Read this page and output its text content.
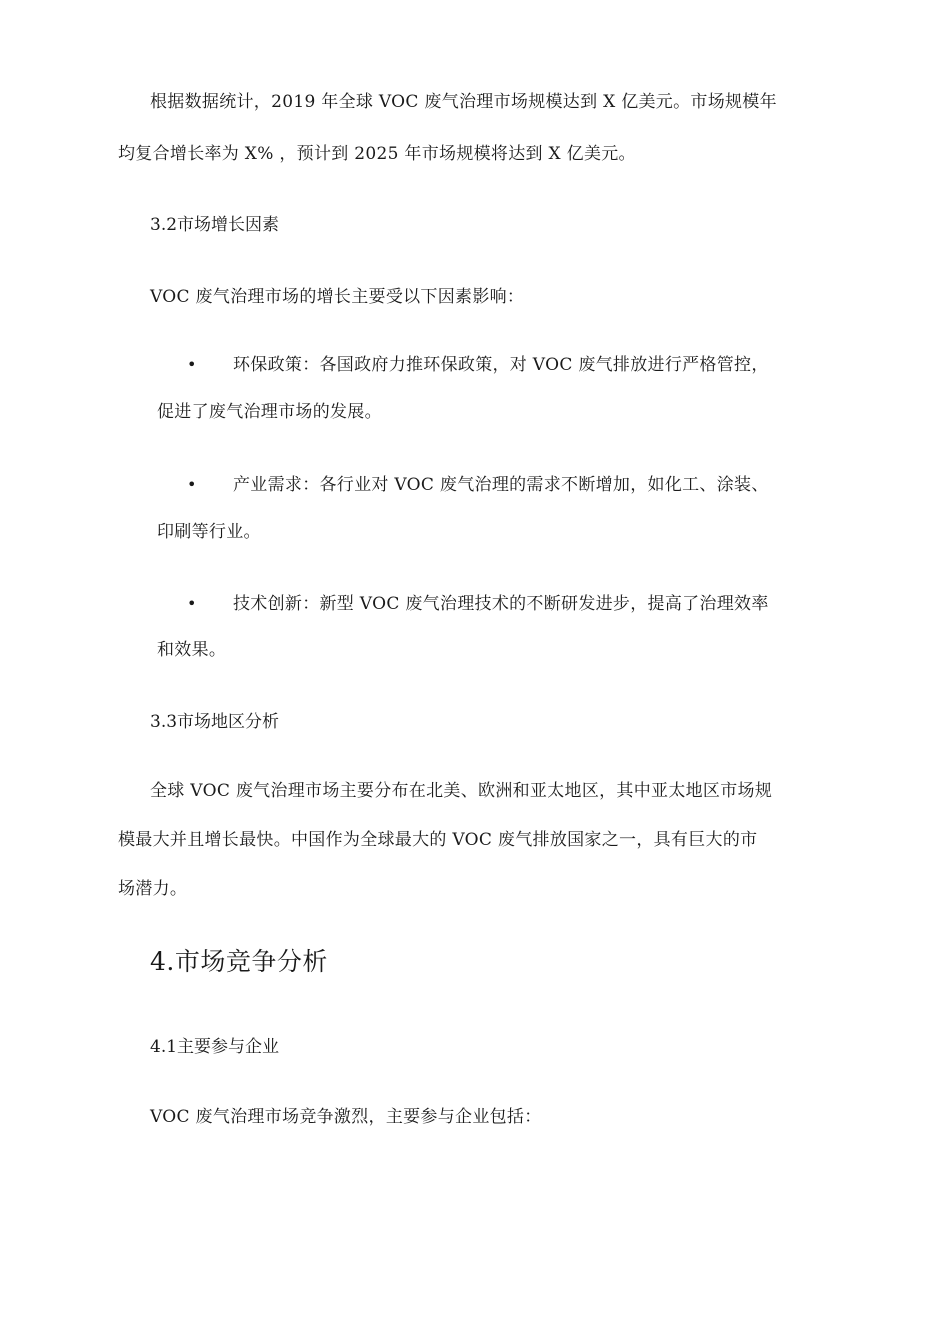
根据数据统计，2019 年全球 VOC 废气治理市场规模达到 X 亿美元。市场规模年
均复合增长率为 X% ，预计到 2025 年市场规模将达到 X 亿美元。
3.2市场增长因素
VOC 废气治理市场的增长主要受以下因素影响：
• 环保政策：各国政府力推环保政策，对 VOC 废气排放进行严格管控，
促进了废气治理市场的发展。
• 产业需求：各行业对 VOC 废气治理的需求不断增加，如化工、涂装、
印刷等行业。
• 技术创新：新型 VOC 废气治理技术的不断研发进步，提高了治理效率
和效果。
3.3市场地区分析
全球 VOC 废气治理市场主要分布在北美、欧洲和亚太地区，其中亚太地区市场规
模最大并且增长最快。中国作为全球最大的 VOC 废气排放国家之一，具有巨大的市
场潜力。
4.市场竞争分析
4.1主要参与企业
VOC 废气治理市场竞争激烈，主要参与企业包括：
